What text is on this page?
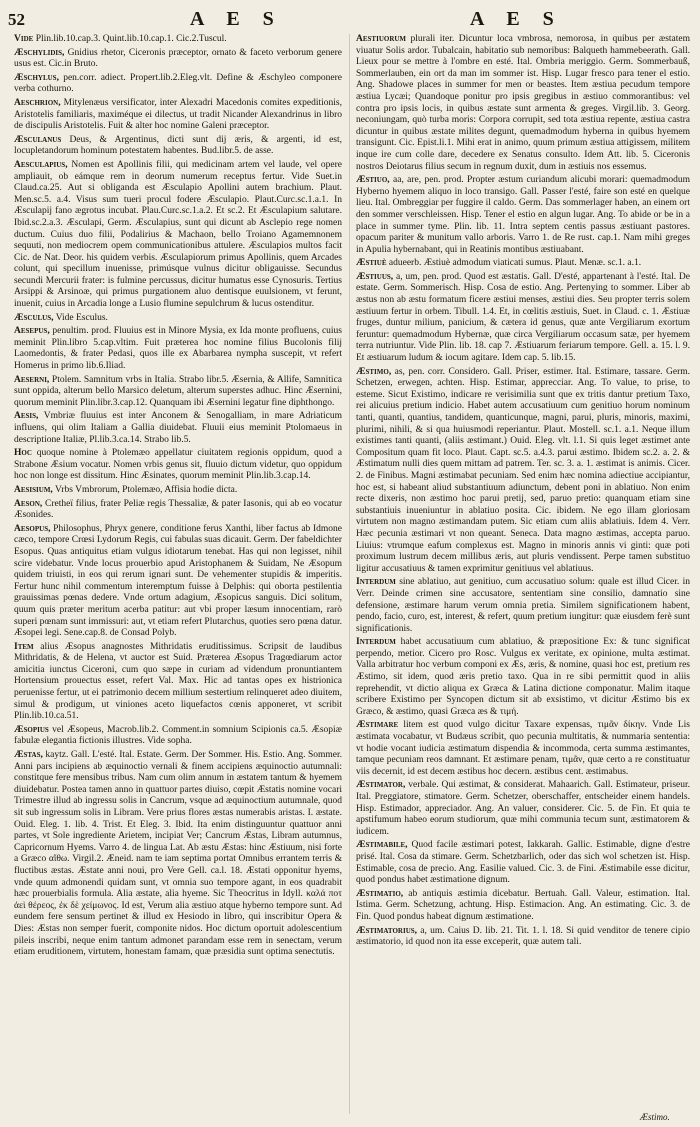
52	A E S	A E S

Vide Plin.lib.10.cap.3. Quint.lib.10.cap.1. Cic.2.Tuscul.

Æschylidis, Gnidius rhetor, Ciceronis præceptor, ornato & faceto verborum genere usus est. Cic.in Bruto.

Æschylus, pen.corr. adiect. Propert.lib.2.Eleg.vlt. Define & Æschyleo componere verba cothurno.

Aeschrion, Mitylenæus versificator, inter Alexadri Macedonis comites expeditionis, Aristotelis familiaris, maximéque ei dilectus, ut tradit Nicander Alexandrinus in libro de discipulis Aristotelis. Fuit & alter hoc nomine Galeni præceptor.

Æsculanus Deus, & Argentinus, dicti sunt dij æris, & argenti, id est, locupletandorum hominum potestatem habentes. Bud.libr.5. de asse.

Aesculapius, Nomen est Apollinis filii, qui medicinam artem vel laude, vel opere ampliauit, ob eámque rem in deorum numerum receptus fertur. Vide Suet.in Claud.ca.25. Aut si obliganda est Æsculapio Apollini autem brachium. Plaut. Men.sc.5. a.4. Visus sum tueri procul fodere Æsculapio. Plaut.Curc.sc.1.a.1. In Æsculapij fano ægrotus incubat. Plau.Curc.sc.1.a.2. Et sc.2. Et Æsculapium salutare. Ibid.sc.2.a.3. Æsculapi, Germ. Æsculapius, sunt qui dicunt ab Asclepio rege nomen ductum. Cuius duo filii, Podalirius & Machaon, bello Troiano Agamemnonem sequuti, non mediocrem opem communicationibus attulere. Æsculapios multos facit Cic. de Nat. Deor. his quidem verbis. Æsculapiorum primus Apollinis, quem Arcades colunt, qui specillum inuenisse, primúsque vulnus dicitur obligauisse. Secundus secundi Mercurii frater: is fulmine percussus, dicitur humatus esse Cynosuris. Tertius Arsippi & Arsinoæ, qui primus purgationem aluo dentisque euulsionem, vt ferunt, inuenit, cuius in Arcadia longe a Lusio flumine sepulchrum & lucus ostenditur.

Æsculus, Vide Esculus.

Aesepus, penultim. prod. Fluuius est in Minore Mysia, ex Ida monte profluens, cuius meminit Plin.libro 5.cap.vltim. Fuit præterea hoc nomine filius Bucolonis filij Laomedontis, & frater Pedasi, quos ille ex Abarbarea nympha suscepit, vt refert Homerus in primo lib.6.Iliad.

Aeserni, Ptolem. Samnitum vrbs in Italia. Strabo libr.5. Æsernia, & Allife, Samnitica sunt oppida, alterum bello Marsico deletum, alterum superstes adhuc. Hinc Æsernini, quorum meminit Plin.libr.3.cap.12. Quanquam ibi Æsernini legatur fine diphthongo.

Aesis, Vmbriæ fluuius est inter Anconem & Senogalliam, in mare Adriaticum influens, qui olim Italiam a Gallia diuidebat. Fluuii eius meminit Ptolomaeus in descriptione Italiæ, Pl.lib.3.ca.14. Strabo lib.5.

Hoc quoque nomine à Ptolemæo appellatur ciuitatem regionis oppidum, quod a Strabone Æsium vocatur. Nomen vrbis genus sit, fluuio dictum videtur, quo oppidum hoc non longe est dissitum. Hinc Æsinates, quorum meminit Plin.lib.3.cap.14.

Aesisium, Vrbs Vmbrorum, Ptolemæo, Affisia hodie dicta.

Aeson, Cretheï filius, frater Peliæ regis Thessaliæ, & pater Iasonis, qui ab eo vocatur Æsonides.

Aesopus, Philosophus, Phryx genere, conditione ferus Xanthi, liber factus ab Idmone cæco, tempore Crœsi Lydorum Regis, cui fabulas suas dicauit. Germ. Der fabeldichter Esopus. Quas antiquitus etiam vulgus idiotarum tenebat. Has qui non legisset, nihil scire videbatur. Vnde locus prouerbio apud Aristophanem & Suidam, Ne Æsopum quidem triuisti, in eos qui rerum ignari sunt. De vehementer stupidis & imperitis. Fertur hunc nihil commentum interemptum fuisse à Delphis: qui oborta pestilentia grauissimas pœnas dedere. Vnde ortum adagium, Æsopicus sanguis. Dici solitum, quum quis præter meritum acerba patitur: aut vbi proper læsum innocentiam, rarò superi pœnam sunt immissuri: aut, vt etiam refert Plutarchus, quoties sero pœna datur. Æsopei legi. Sene.cap.8. de Consad Polyb.

Item alius Æsopus anagnostes Mithridatis eruditissimus. Scripsit de laudibus Mithridatis, & de Helena, vt auctor est Suid. Præterea Æsopus Tragœdiarum actor amicitia iunctus Ciceroni, cum quo sæpe in curiam ad videndum pronuntiantem Hortensium prouectus esset, refert Val. Max. Hic ad tantas opes ex histrionica peruenisse fertur, ut ei patrimonio decem millium sestertium relinqueret adeo diuitem, simul & prodigum, ut viniones aceto liquefactos cœnis apponeret, vt scribit Plin.lib.10.ca.51.

Æsopius vel Æsopeus, Macrob.lib.2. Comment.in somnium Scipionis ca.5. Æsopiæ fabulæ elegantia fictionis illustres. Vide sopha.

Æstas, kaytz. Gall. L'esté. Ital. Estate. Germ. Der Sommer. His. Estio. Ang. Sommer. Anni pars incipiens ab æquinoctio vernali & finem accipiens æquinoctio autumnali: constitque fere mensibus tribus. Nam cum olim annum in æstatem tantum & hyemem diuidebatur. Postea tamen anno in quattuor partes diuiso, cœpit Æstatis nomine vocari Trimestre illud ab ingressu solis in Cancrum, vsque ad æquinoctium autumnale, quod sit sub ingressum solis in Libram. Vere prius flores æstas numerabis aristas. I. æstate. Ouid. Eleg. 1. lib. 4. Trist. Et Eleg. 3. Ibid. Ita enim distinguuntur quattuor anni partes, vt Sole ingrediente Arietem, incipiat Ver; Cancrum Æstas, Libram autumnus, Capricornum Hyems. Varro 4. de lingua Lat. Ab æstu Æstas: hinc Æstiuum, nisi forte a Græco αἴθω. Virgil.2. Æneid. nam te iam septima portat Omnibus errantem terris & fluctibus æstas. Æstate anni noui, pro Vere Gell. ca.l. 18. Æstati opponitur hyems, vnde quum admonendi quidam sunt, vt omnia suo tempore agant, in eos quadrabit hæc prouerbialis formula. Alia æstate, alia hyeme. Sic Theocritus in Idyll. καλά ποτ ἀεὶ θέρεος, ἐκ δὲ χείμωνος. Id est, Verum alia æstiuo atque hyberno tempore sunt. Ad eundem fere sensum pertinet & illud ex Hesiodo in libro, qui inscribitur Opera & Dies: Æstas non semper fuerit, componite nidos. Hoc dictum oportuit adolescentium pileis inscribi, neque enim tantum admonet parandam esse rem in senectam, verum etiam eruditionem, virtutem, honestam famam, quæ præsidia sunt optima senectutis.

Aestiuorum plurali iter. Dicuntur loca vmbrosa, nemorosa, in quibus per æstatem viuatur Solis ardor. Tubalcain, habitatio sub nemoribus: Balqueth hammebeerath. Gall. Lieux pour se mettre à l'ombre en esté. Ital. Ombria meriggio. Germ. Sommerbauß, Sommerlauben, ein ort da man im sommer ist. Hisp. Lugar fresco para tener el estio. Ang. Shadowe places in summer for men or beastes. Item æstiua pecudum tempore æstiua Lycæi; Quandoque ponitur pro ipsis gregibus in æstiuo commorantibus: vel contra pro ipsis locis, in quibus æstate sunt armenta & greges. Virgil.lib. 3. Georg. neconiungam, quò turba moris: Corpora corrupit, sed tota æstiua repente, æstiua castra dicuntur in quibus æstate milites degunt, quemadmodum hyberna in quibus hyemem transigunt. Cic. Epist.li.1. Mihi erat in animo, quum primum æstiua attigissem, militem inque ire cum colle dare, decedere ex Senatus consulto. Idem Att. lib. 5. Ciceronis nostros Deiotarus filius secum in regnum duxit, dum in æstiuis nos essemus.

Æstiuo, aa, are, pen. prod. Propter æstum curiandum alicubi morari: quemadmodum Hyberno hyemem aliquo in loco transigo. Gall. Passer l'esté, faire son esté en quelque lieu. Ital. Ombreggiar per fuggire il caldo. Germ. Das sommerlager haben, an einem ort den sommer verschleissen. Hisp. Tener el estio en algun lugar. Ang. To abide or be in a place in summer tyme. Plin. lib. 11. Intra septem centis passus æstiuant pastores. opacum pariter & munitum vallo arboris. Varro 1. de Re rust. cap.1. Nam mihi greges in Apulia hybernabant, qui in Reatinis montibus æstiuabant.

Æstiuè adueerb. Æstiuè admodum viaticati sumus. Plaut. Menæ. sc.1. a.1.

Æstiuus, a, um, pen. prod. Quod est æstatis. Gall. D'esté, appartenant à l'esté. Ital. De estate. Germ. Sommerisch. Hisp. Cosa de estio. Ang. Pertenying to sommer. Liber ab æstus non ab æstu formatum ficere æstiui menses, æstiui dies. Seu propter terris solem æstiuum fertur in orbem. Tibull. 1.4. Et, in cœlitis æstiuis, Suet. in Claud. c. 1. Æstiuæ fruges, duntur milium, panicium, & cætera id genus, quæ ante Vergiliarum exortum feruntur: quemadmodum Hybernæ, quæ circa Vergiliarum occasum satæ, per hyemem terra nutriuntur. Vide Plin. lib. 18. cap 7. Æstiuarum feriarum tempore. Gell. a. 15. l. 9. Et æstiuarum ludum & iocum agitare. Idem cap. 5. lib.15.

Æstimo, as, pen. corr. Considero. Gall. Priser, estimer. Ital. Estimare, tassare. Germ. Schetzen, erwegen, achten. Hisp. Estimar, apprecciar. Ang. To value, to prise, to esteme. Sicut Existimo, indicare re verisimilia sunt que ex tritis dantur pretium Taxo, rei alicuius pretium indicio. Habet autem accusatiuum cum genitiuo horum nominum tanti, quanti, quantius, tandidem, quanticunque, magni, parui, pluris, minoris, maximi, plurimi, nihili, & si qua huiusmodi reperiantur. Plaut. Mostell. sc.1. a.1. Neque illum existimes tanti quanti, (aliis æstimant.) Ouid. Eleg. vlt. l.1. Si quis leget æstimet ante Compositum quam fit loco. Plaut. Capt. sc.5. a.4.3. parui æstimo. Ibidem sc.2. a. 2. & Æstimatum nulli dies quem mittam ad patrem. Ter. sc. 3. a. 1. æstimat is animis. Cicer. 2. de Finibus. Magni æstimabat pecuniam. Sed enim hæc nomina adiectiue accipiantur, hoc est, si habeant aliud substantiuum adiunctum, debent poni in ablatiuo. Non enim recte dixeris, non æstimo hoc parui pretij, sed, paruo pretio: quanquam etiam sine substantiuis inueniuntur in ablatiuo posita. Cic. ibidem. Ne ego illam gloriosam virtutem non magno æstimandam putem. Sic etiam cum aliis ablatiuis. Idem 4. Verr. Hæc pecunia æstimari vt non queant. Seneca. Data magno æstimas, accepta paruo. Liuius: vtrumque eafum complexus est. Magno in minoris annis vi ginti: quæ poti proximum lustrum decem millibus æris, aut pluris vendissent. Perpe tamen substituo ligitur accusatiuus & tamen exprimitur genitiuus vel ablatiuus.

Interdum sine ablatiuo, aut genitiuo, cum accusatiuo solum: quale est illud Cicer. in Verr. Deinde crimen sine accusatore, sententiam sine consilio, damnatio sine defensione, æstimare harum verum omnia pretia. Similem significationem habent, pendo, facio, curo, est, interest, & refert, quum pretium iungitur: quæ eiusdem ferè sunt significationis.

Interdum habet accusatiuum cum ablatiuo, & præpositione Ex: & tunc significat perpendo, metior. Cicero pro Rosc. Vulgus ex veritate, ex opinione, multa æstimat. Valla arbitratur hoc verbum componi ex Æs, æris, & nomine, quasi hoc est, pretium res Æstimo, sit idem, quod æris pretio taxo. Qua in re sibi permittit quod in aliis reprehendit, vt dictio aliqua ex Græca & Latina dictione componatur. Malim itaque scribere Existimo per Syncopen dictum sit ab exsistimo, vt dicitur Æstimo bis ex Græco, & æstimo, quasi Græca æs & τιμή.

Æstimare litem est quod vulgo dicitur Taxare expensas, τιμᾶν δίκην. Vnde Lis æstimata vocabatur, vt Budæus scribit, quo pecunia multitatis, & nummaria sententia: vt hodie vocant iudicia æstimatum dispendia & incommoda, certa summa æstimantes, tamque pecuniam reos damnant. Et æstimare penam, τιμᾶν, quæ certo a re constituatur viis decernit, id est decem æstibus hoc decern. æstibus cent. æstimabus.

Æstimator, verbale. Qui æstimat, & considerat. Mahaarich. Gall. Estimateur, priseur. Ital. Preggiatore, stimatore. Germ. Schetzer, oberschaffer, entscheider einem handels. Hisp. Estimador, appreciador. Ang. An valuer, considerer. Cic. 5. de Fin. Et quia te apstifumum habeo eorum studiorum, quæ mihi communia tecum sunt, æstimatorem & iudicem.

Æstimabile, Quod facile æstimari potest, Iakkarah. Gallic. Estimable, digne d'estre prisé. Ital. Cosa da stimare. Germ. Schetzbarlich, oder das sich wol schetzen ist. Hisp. Estimable, cosa de precio. Ang. Easilie valued. Cic. 3. de Fini. Æstimabile esse dicitur, quod pondus habet æstimatione dignum.

Æstimatio, ab antiquis æstimia dicebatur. Bertuah. Gall. Valeur, estimation. Ital. Istima. Germ. Schetzung, achtung. Hisp. Estimacion. Ang. An estimating. Cic. 3. de Fin. Quod pondus habeat dignum æstimatione.

Æstimatorius, a, um. Caius D. lib. 21. Tit. 1. l. 18. Si quid venditor de tenere cipio æstimatorio, id quod non ita esse exceperit, quæ autem tali.

Æstimo.
